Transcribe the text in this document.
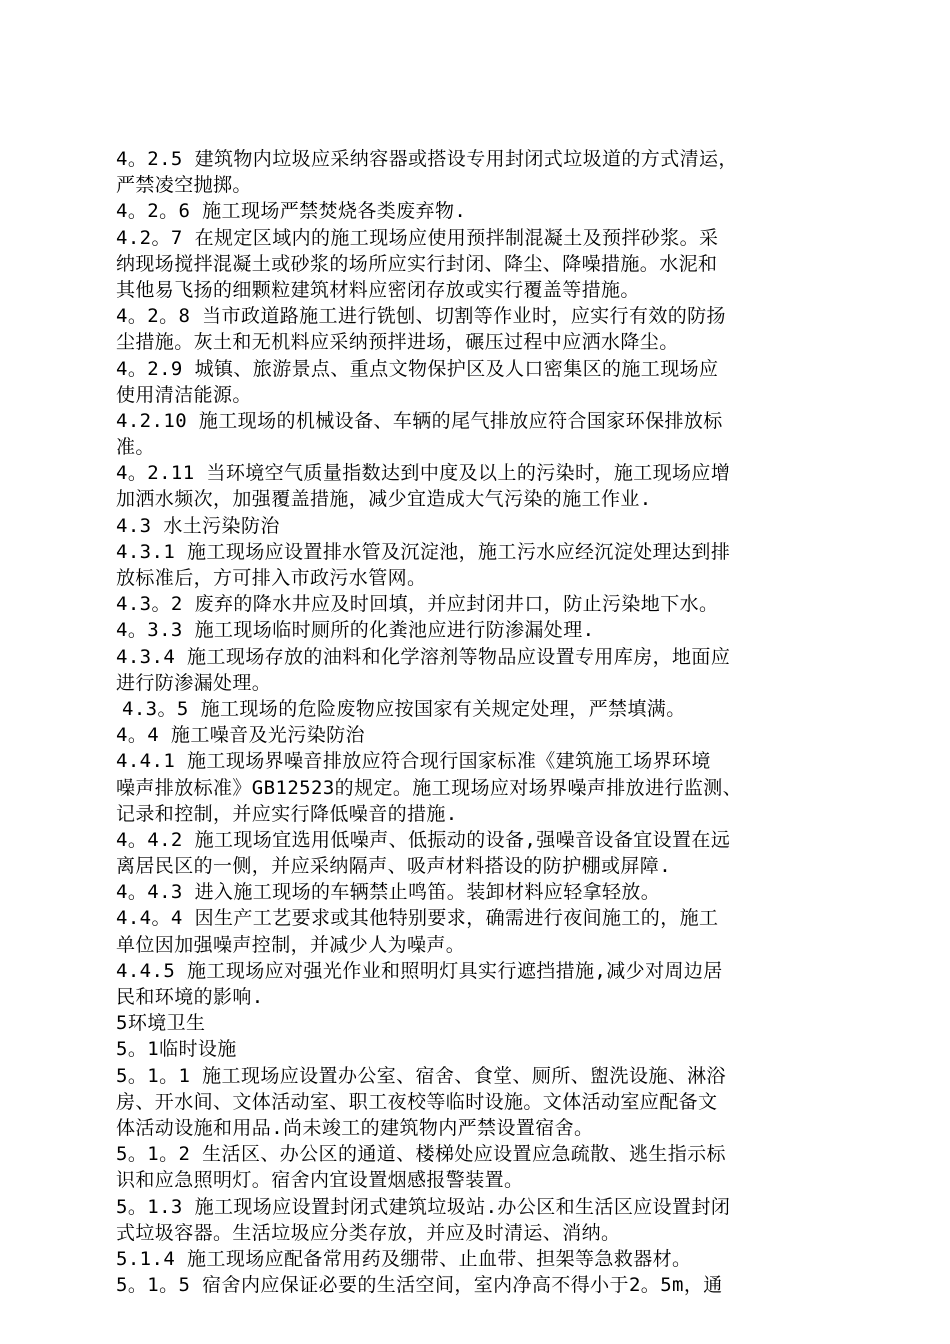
4。2.5 建筑物内垃圾应采纳容器或搭设专用封闭式垃圾道的方式清运，
严禁凌空抛掷。
4。2。6 施工现场严禁焚烧各类废弃物.
4.2。7 在规定区域内的施工现场应使用预拌制混凝土及预拌砂浆。采
纳现场搅拌混凝土或砂浆的场所应实行封闭、降尘、降噪措施。水泥和
其他易飞扬的细颗粒建筑材料应密闭存放或实行覆盖等措施。
4。2。8 当市政道路施工进行铣刨、切割等作业时，应实行有效的防扬
尘措施。灰土和无机料应采纳预拌进场，碾压过程中应洒水降尘。
4。2.9 城镇、旅游景点、重点文物保护区及人口密集区的施工现场应
使用清洁能源。
4.2.10 施工现场的机械设备、车辆的尾气排放应符合国家环保排放标
准。
4。2.11 当环境空气质量指数达到中度及以上的污染时，施工现场应增
加洒水频次，加强覆盖措施，减少宜造成大气污染的施工作业.
4.3 水土污染防治
4.3.1 施工现场应设置排水管及沉淀池，施工污水应经沉淀处理达到排
放标准后，方可排入市政污水管网。
4.3。2 废弃的降水井应及时回填，并应封闭井口，防止污染地下水。
4。3.3 施工现场临时厕所的化粪池应进行防渗漏处理.
4.3.4 施工现场存放的油料和化学溶剂等物品应设置专用库房，地面应
进行防渗漏处理。
4.3。5 施工现场的危险废物应按国家有关规定处理，严禁填满。
4。4 施工噪音及光污染防治
4.4.1 施工现场界噪音排放应符合现行国家标准《建筑施工场界环境
噪声排放标准》GB12523的规定。施工现场应对场界噪声排放进行监测、
记录和控制，并应实行降低噪音的措施.
4。4.2 施工现场宜选用低噪声、低振动的设备,强噪音设备宜设置在远
离居民区的一侧，并应采纳隔声、吸声材料搭设的防护棚或屏障.
4。4.3 进入施工现场的车辆禁止鸣笛。装卸材料应轻拿轻放。
4.4。4 因生产工艺要求或其他特别要求，确需进行夜间施工的，施工
单位因加强噪声控制，并减少人为噪声。
4.4.5 施工现场应对强光作业和照明灯具实行遮挡措施,减少对周边居
民和环境的影响.
5环境卫生
5。1临时设施
5。1。1 施工现场应设置办公室、宿舍、食堂、厕所、盥洗设施、淋浴
房、开水间、文体活动室、职工夜校等临时设施。文体活动室应配备文
体活动设施和用品.尚未竣工的建筑物内严禁设置宿舍。
5。1。2 生活区、办公区的通道、楼梯处应设置应急疏散、逃生指示标
识和应急照明灯。宿舍内宜设置烟感报警装置。
5。1.3 施工现场应设置封闭式建筑垃圾站.办公区和生活区应设置封闭
式垃圾容器。生活垃圾应分类存放，并应及时清运、消纳。
5.1.4 施工现场应配备常用药及绷带、止血带、担架等急救器材。
5。1。5 宿舍内应保证必要的生活空间，室内净高不得小于2。5m，通
